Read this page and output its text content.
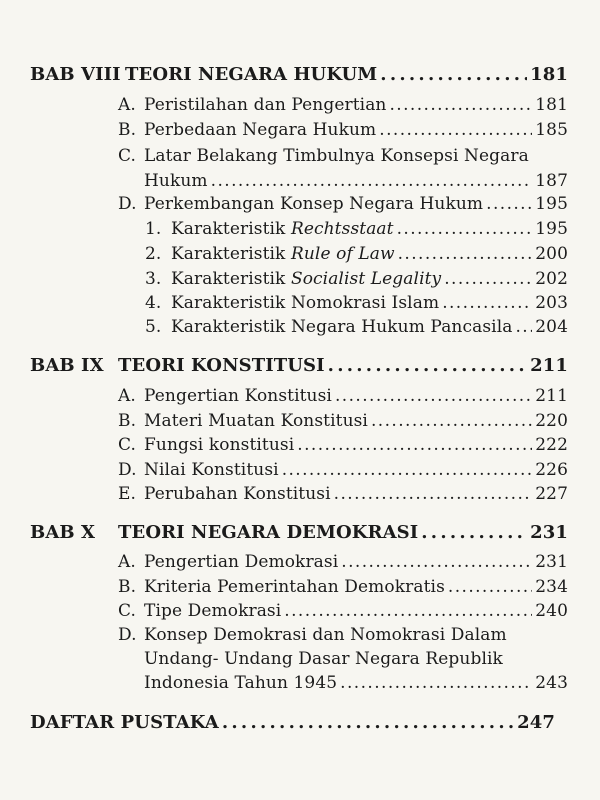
BAB VIII TEORI NEGARA HUKUM . . .	181
A. Peristilahan dan Pengertian . . .	181
B. Perbedaan Negara Hukum . . .	185
C. Latar Belakang Timbulnya Konsepsi Negara
Hukum . . .	187
D. Perkembangan Konsep Negara Hukum . . .	195
1. Karakteristik Rechtsstaat . . .	195
2. Karakteristik Rule of Law . . .	200
3. Karakteristik Socialist Legality . . .	202
4. Karakteristik Nomokrasi Islam . . .	203
5. Karakteristik Negara Hukum Pancasila . . . 204
BAB IX TEORI KONSTITUSI . . .	211
A. Pengertian Konstitusi . . .	211
B. Materi Muatan Konstitusi . . .	220
C. Fungsi konstitusi . . .	222
D. Nilai Konstitusi . . .	226
E. Perubahan Konstitusi . . .	227
BAB X	TEORI NEGARA DEMOKRASI . . .	231
A. Pengertian Demokrasi . . .	231
B. Kriteria Pemerintahan Demokratis . . .	234
C. Tipe Demokrasi . . .	240
D. Konsep Demokrasi dan Nomokrasi Dalam
Undang- Undang Dasar Negara Republik
Indonesia Tahun 1945 . . .	243
DAFTAR PUSTAKA . . .	247
